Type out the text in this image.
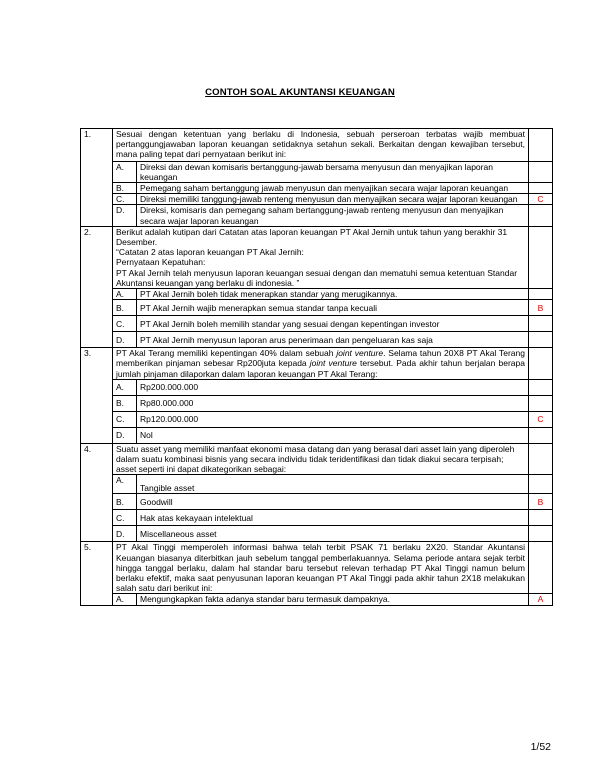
CONTOH SOAL AKUNTANSI KEUANGAN
1.	Sesuai dengan ketentuan yang berlaku di Indonesia, sebuah perseroan terbatas wajib membuat pertanggungjawaban laporan keuangan setidaknya setahun sekali. Berkaitan dengan kewajiban tersebut, mana paling tepat dari pernyataan berikut ini:		
	A.	Direksi dan dewan komisaris bertanggung-jawab bersama menyusun dan menyajikan laporan keuangan	
	B.	Pemegang saham bertanggung jawab menyusun dan menyajikan secara wajar laporan keuangan	
	C.	Direksi memiliki tanggung-jawab renteng menyusun dan menyajikan secara wajar laporan keuangan	C
	D.	Direksi, komisaris dan pemegang saham bertanggung-jawab renteng menyusun dan menyajikan secara wajar laporan keuangan	
2.	Berikut adalah kutipan dari Catatan atas laporan keuangan PT Akal Jernih untuk tahun yang berakhir 31 Desember.
“Catatan 2 atas laporan keuangan PT Akal Jernih:
Pernyataan Kepatuhan:
PT Akal Jernih telah menyusun laporan keuangan sesuai dengan dan mematuhi semua ketentuan Standar Akuntansi keuangan yang berlaku di indonesia. ”		

	A.	PT Akal Jernih boleh tidak menerapkan standar yang merugikannya.	
	B.	PT Akal Jernih wajib menerapkan semua standar tanpa kecuali	B
	C.	PT Akal Jernih boleh memilih standar yang sesuai dengan kepentingan investor	
	D.	PT Akal Jernih menyusun laporan arus penerimaan dan pengeluaran kas saja	
3.	PT Akal Terang memiliki kepentingan 40% dalam sebuah joint venture. Selama tahun 20X8 PT Akal Terang memberikan pinjaman sebesar Rp200juta kepada joint venture tersebut. Pada akhir tahun berjalan berapa jumlah pinjaman dilaporkan dalam laporan keuangan PT Akal Terang:		
	A.	Rp200.000.000	
	B.	Rp80.000.000	
	C.	Rp120.000.000	C
	D.	Nol	
4.	Suatu asset yang memiliki manfaat ekonomi masa datang dan yang berasal dari asset lain yang diperoleh dalam suatu kombinasi bisnis yang secara individu tidak teridentifikasi dan tidak diakui secara terpisah; asset seperti ini dapat dikategorikan sebagai:		
	A.	Tangible asset	
	B.	Goodwill	B
	C.	Hak atas kekayaan intelektual	
	D.	Miscellaneous asset	
5.	PT Akal Tinggi memperoleh informasi bahwa telah terbit PSAK 71 berlaku 2X20. Standar Akuntansi Keuangan biasanya diterbitkan jauh sebelum tanggal pemberlakuannya. Selama periode antara sejak terbit hingga tanggal berlaku, dalam hal standar baru tersebut relevan terhadap PT Akal Tinggi namun belum berlaku efektif, maka saat penyusunan laporan keuangan PT Akal Tinggi pada akhir tahun 2X18 melakukan salah satu dari berikut ini:		
	A.	Mengungkapkan fakta adanya standar baru termasuk dampaknya.	A
1/52
